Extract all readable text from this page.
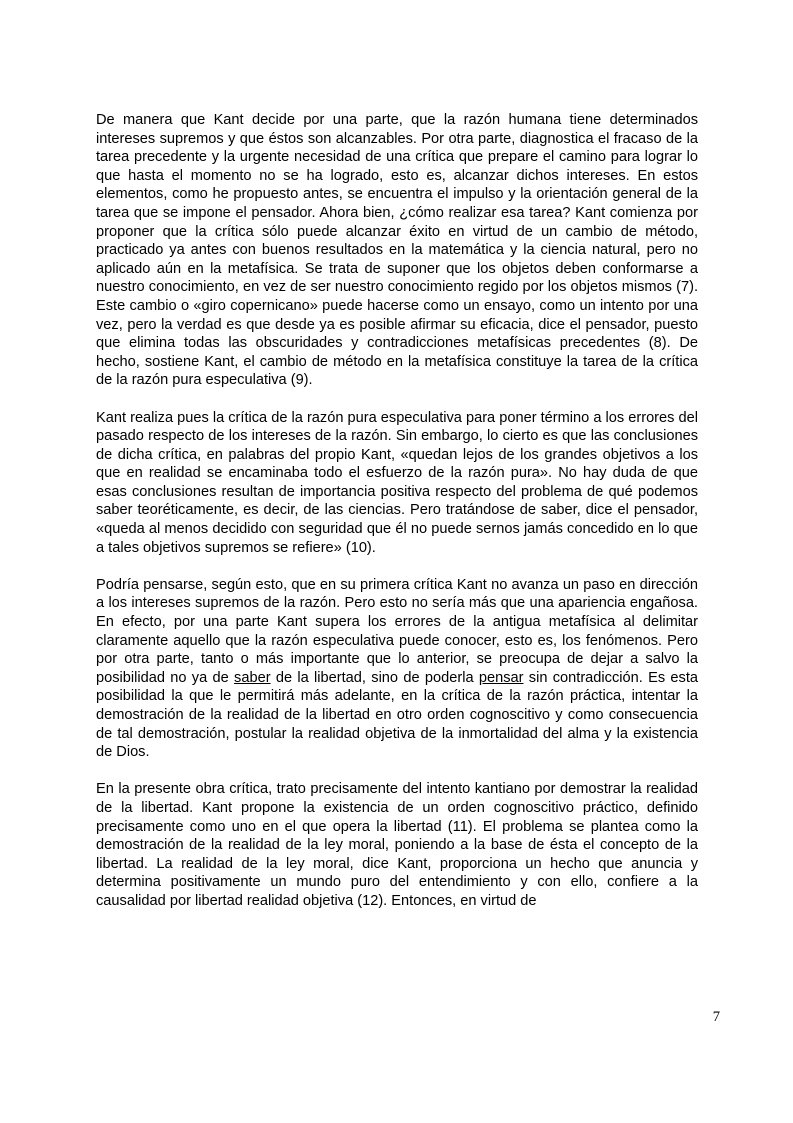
De manera que Kant decide por una parte, que la razón humana tiene determinados intereses supremos y que éstos son alcanzables. Por otra parte, diagnostica el fracaso de la tarea precedente y la urgente necesidad de una crítica que prepare el camino para lograr lo que hasta el momento no se ha logrado, esto es, alcanzar dichos intereses. En estos elementos, como he propuesto antes, se encuentra el impulso y la orientación general de la tarea que se impone el pensador. Ahora bien, ¿cómo realizar esa tarea? Kant comienza por proponer que la crítica sólo puede alcanzar éxito en virtud de un cambio de método, practicado ya antes con buenos resultados en la matemática y la ciencia natural, pero no aplicado aún en la metafísica. Se trata de suponer que los objetos deben conformarse a nuestro conocimiento, en vez de ser nuestro conocimiento regido por los objetos mismos (7). Este cambio o «giro copernicano» puede hacerse como un ensayo, como un intento por una vez, pero la verdad es que desde ya es posible afirmar su eficacia, dice el pensador, puesto que elimina todas las obscuridades y contradicciones metafísicas precedentes (8). De hecho, sostiene Kant, el cambio de método en la metafísica constituye la tarea de la crítica de la razón pura especulativa (9).

Kant realiza pues la crítica de la razón pura especulativa para poner término a los errores del pasado respecto de los intereses de la razón. Sin embargo, lo cierto es que las conclusiones de dicha crítica, en palabras del propio Kant, «quedan lejos de los grandes objetivos a los que en realidad se encaminaba todo el esfuerzo de la razón pura». No hay duda de que esas conclusiones resultan de importancia positiva respecto del problema de qué podemos saber teoréticamente, es decir, de las ciencias. Pero tratándose de saber, dice el pensador, «queda al menos decidido con seguridad que él no puede sernos jamás concedido en lo que a tales objetivos supremos se refiere» (10).

Podría pensarse, según esto, que en su primera crítica Kant no avanza un paso en dirección a los intereses supremos de la razón. Pero esto no sería más que una apariencia engañosa. En efecto, por una parte Kant supera los errores de la antigua metafísica al delimitar claramente aquello que la razón especulativa puede conocer, esto es, los fenómenos. Pero por otra parte, tanto o más importante que lo anterior, se preocupa de dejar a salvo la posibilidad no ya de saber de la libertad, sino de poderla pensar sin contradicción. Es esta posibilidad la que le permitirá más adelante, en la crítica de la razón práctica, intentar la demostración de la realidad de la libertad en otro orden cognoscitivo y como consecuencia de tal demostración, postular la realidad objetiva de la inmortalidad del alma y la existencia de Dios.

En la presente obra crítica, trato precisamente del intento kantiano por demostrar la realidad de la libertad. Kant propone la existencia de un orden cognoscitivo práctico, definido precisamente como uno en el que opera la libertad (11). El problema se plantea como la demostración de la realidad de la ley moral, poniendo a la base de ésta el concepto de la libertad. La realidad de la ley moral, dice Kant, proporciona un hecho que anuncia y determina positivamente un mundo puro del entendimiento y con ello, confiere a la causalidad por libertad realidad objetiva (12). Entonces, en virtud de

7
